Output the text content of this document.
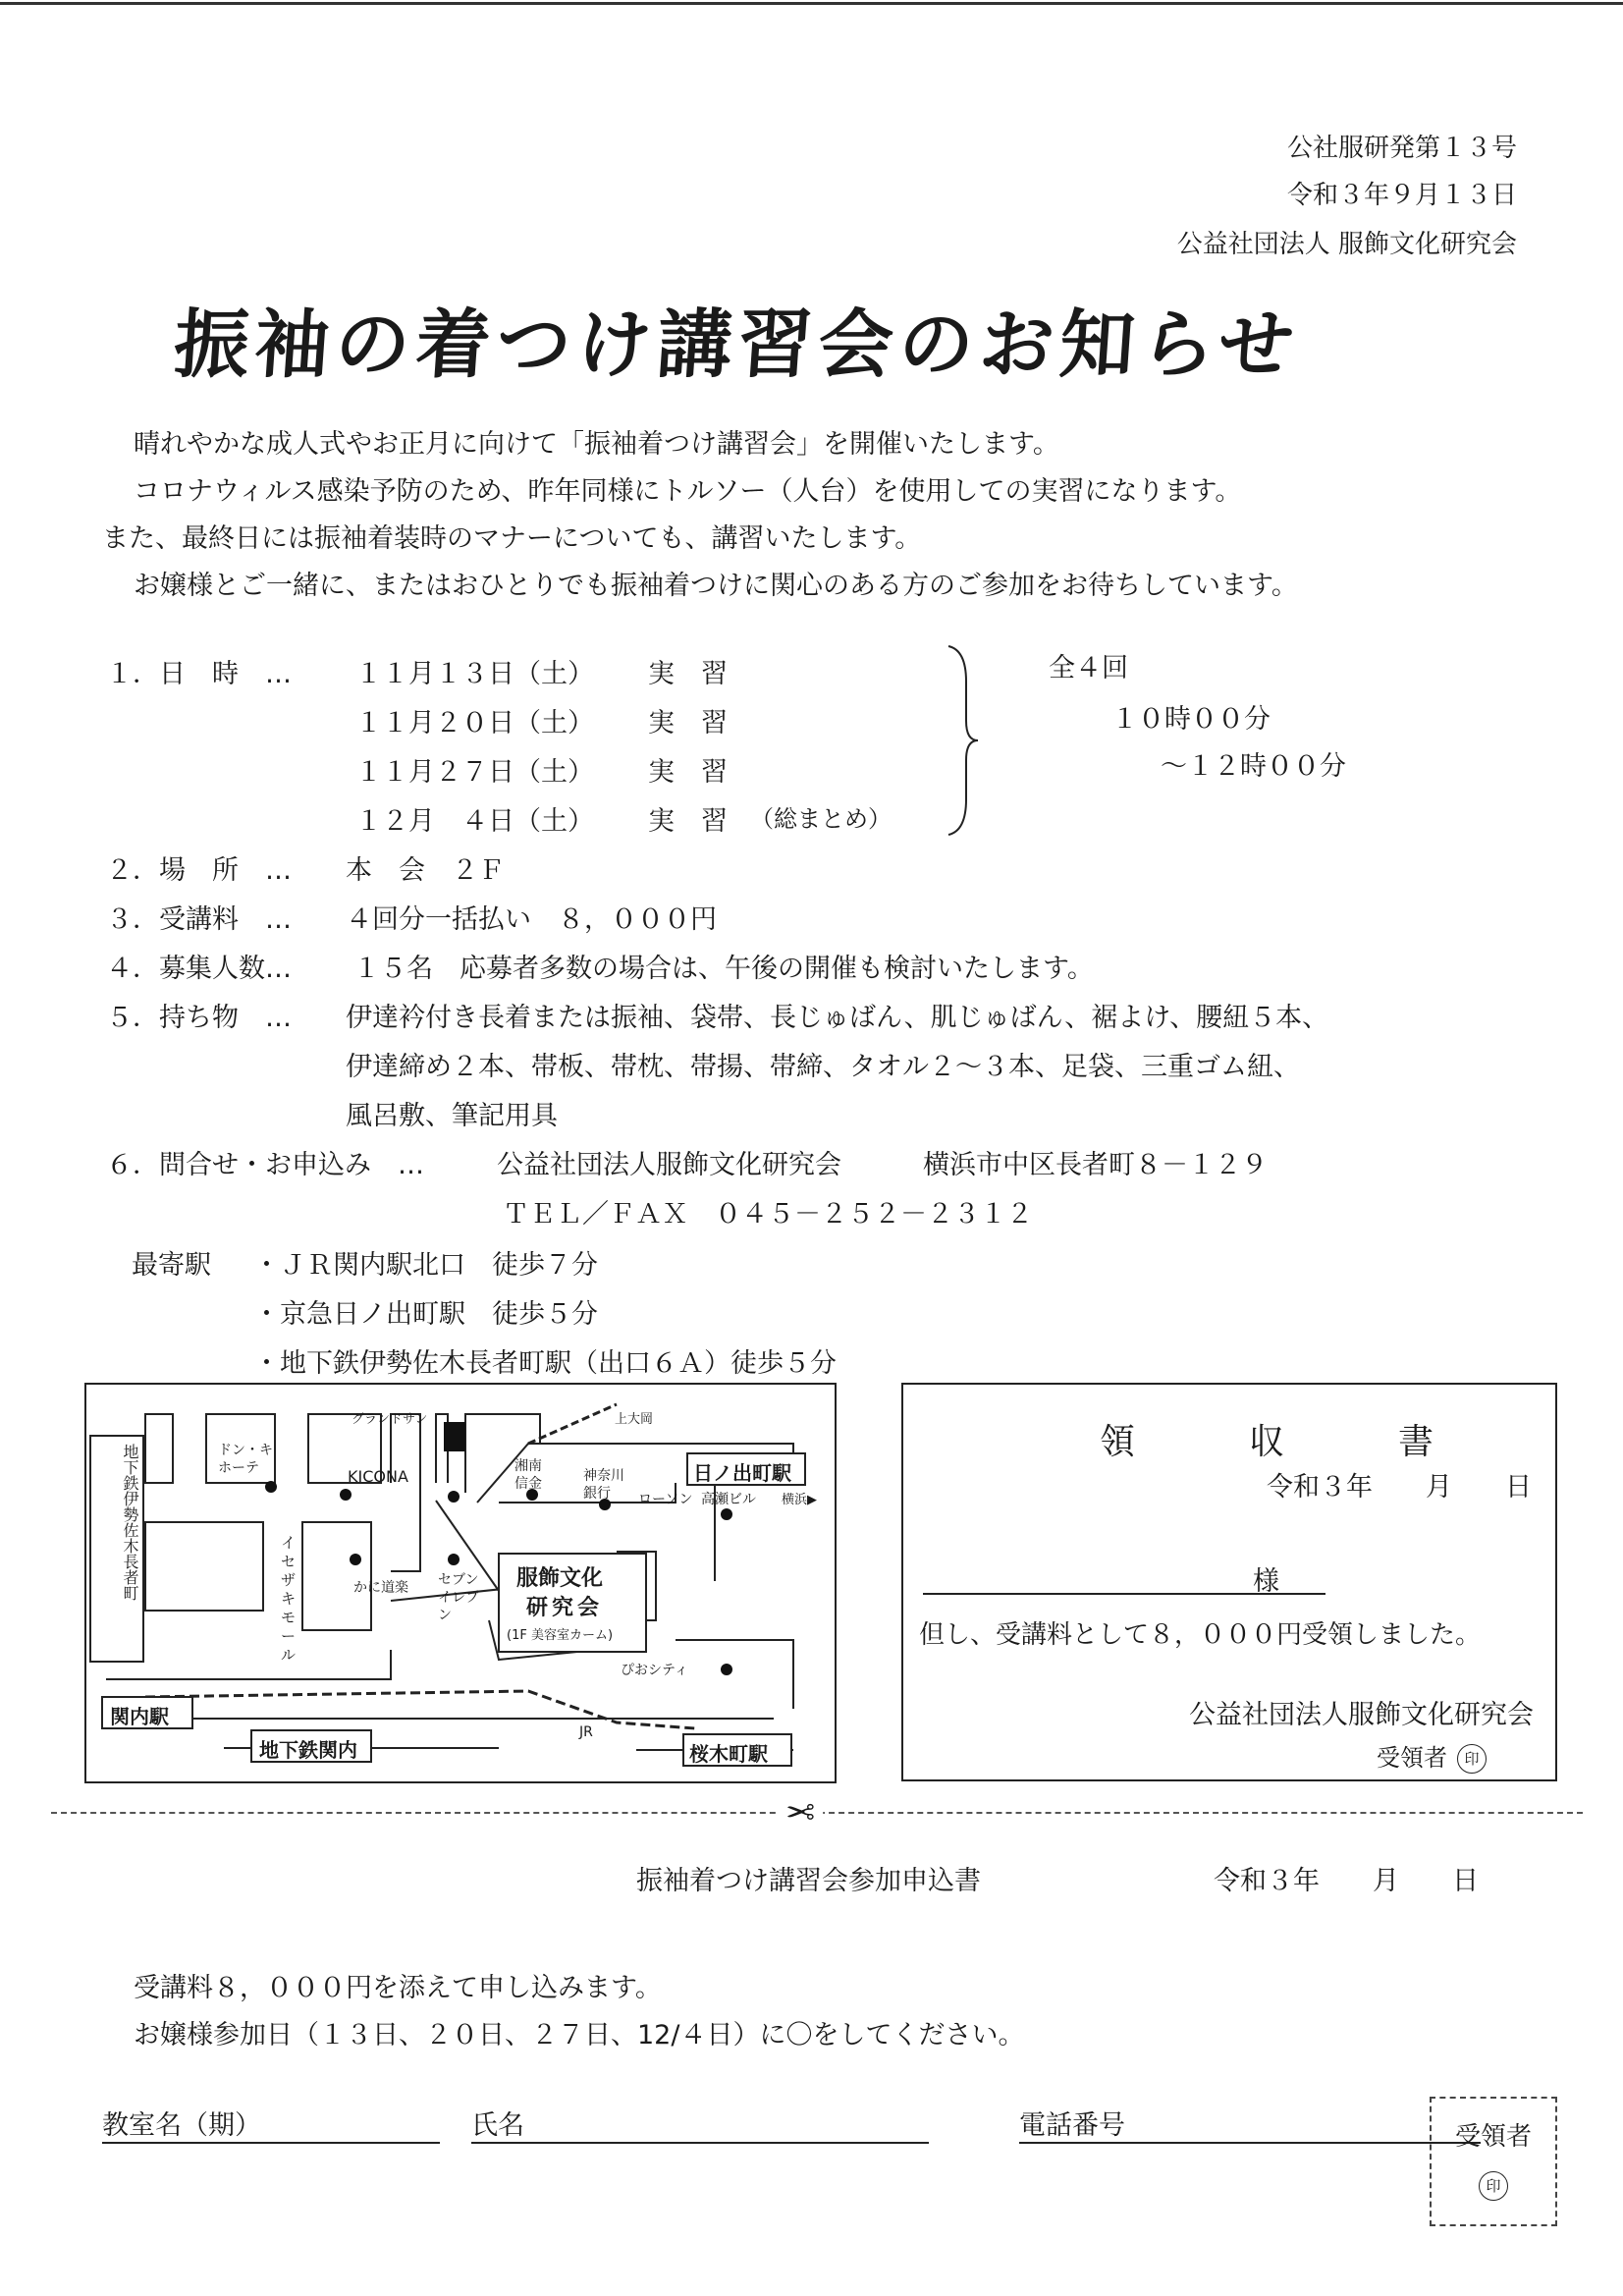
公社服研発第１３号
令和３年９月１３日
公益社団法人 服飾文化研究会
振袖の着つけ講習会のお知らせ
晴れやかな成人式やお正月に向けて「振袖着つけ講習会」を開催いたします。
コロナウィルス感染予防のため、昨年同様にトルソー（人台）を使用しての実習になります。
また、最終日には振袖着装時のマナーについても、講習いたします。
お嬢様とご一緒に、またはおひとりでも振袖着つけに関心のある方のご参加をお待ちしています。
１．日　時　… １１月１３日（土） 実　習
１１月２０日（土） 実　習
１１月２７日（土） 実　習
１２月　４日（土） 実　習 （総まとめ）
全４回
１０時００分
～１２時００分
２．場　所　… 本　会　２Ｆ
３．受講料　… ４回分一括払い　８，０００円
４．募集人数… １５名　応募者多数の場合は、午後の開催も検討いたします。
５．持ち物　… 伊達衿付き長着または振袖、袋帯、長じゅばん、肌じゅばん、裾よけ、腰紐５本、
伊達締め２本、帯板、帯枕、帯揚、帯締、タオル２～３本、足袋、三重ゴム紐、
風呂敷、筆記用具
６．問合せ・お申込み　…	公益社団法人服飾文化研究会	横浜市中区長者町８－１２９
ＴＥＬ／ＦＡＸ　０４５－２５２－２３１２
最寄駅 ・ＪＲ関内駅北口　徒歩７分
・京急日ノ出町駅　徒歩５分
・地下鉄伊勢佐木長者町駅（出口６Ａ）徒歩５分
地下鉄伊勢佐木長者町	ドン・キホーテ
グランドサン
KICONA
湘南信金	神奈川銀行	ローソン 高瀬ビル
上大岡
横浜▶
日ノ出町駅
イセザキモール
かに道楽 セブンイレブン
服飾文化
研究会
(1F 美容室カーム)
ぴおシティ
関内駅
地下鉄関内
JR
桜木町駅
領　収　書
令和３年　　月　　日
様
但し、受講料として８，０００円受領しました。
公益社団法人服飾文化研究会
受領者 印
✂
振袖着つけ講習会参加申込書	令和３年　　月　　日
受講料８，０００円を添えて申し込みます。
お嬢様参加日（１３日、２０日、２７日、12/４日）に〇をしてください。
教室名（期）	氏名	電話番号	受領者
印
